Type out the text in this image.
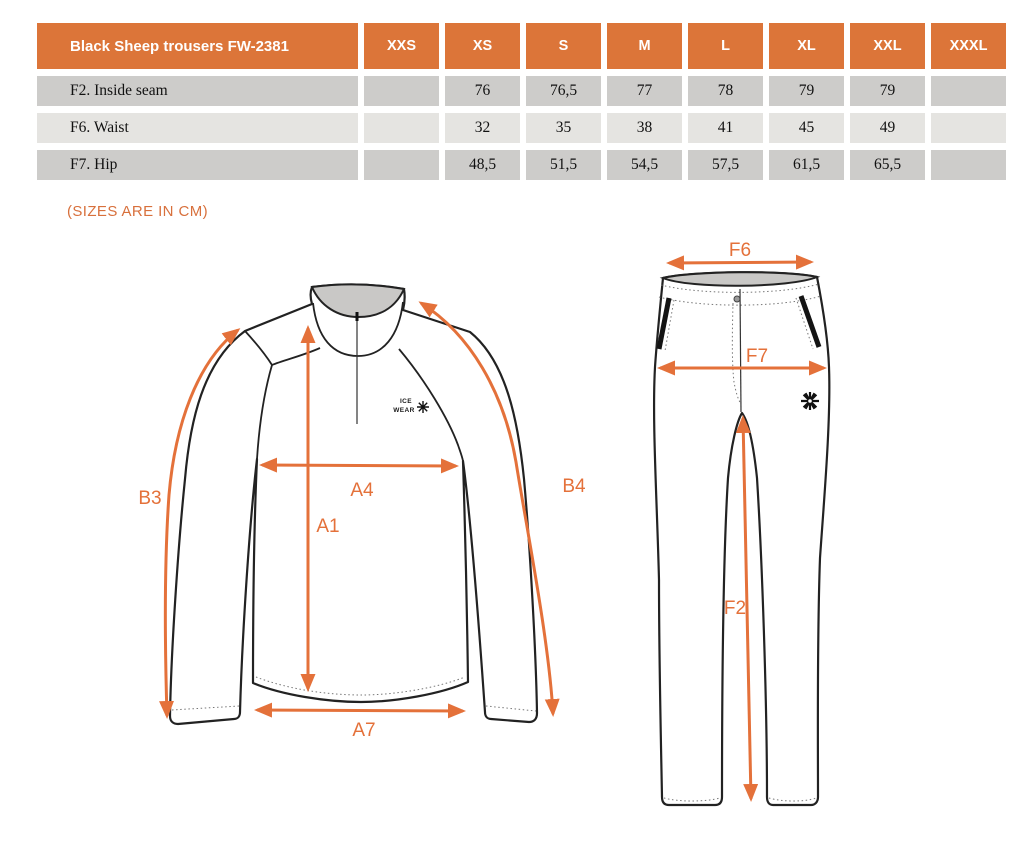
Black Sheep trousers FW-2381	XXS	XS	S	M	L	XL	XXL	XXXL
F2. Inside seam		76	76,5	77	78	79	79	
F6. Waist		32	35	38	41	45	49	
F7. Hip		48,5	51,5	54,5	57,5	61,5	65,5	
(SIZES ARE IN CM)
ICE
WEAR
B3	A4
A1
B4
A7
F6
F7
F2
